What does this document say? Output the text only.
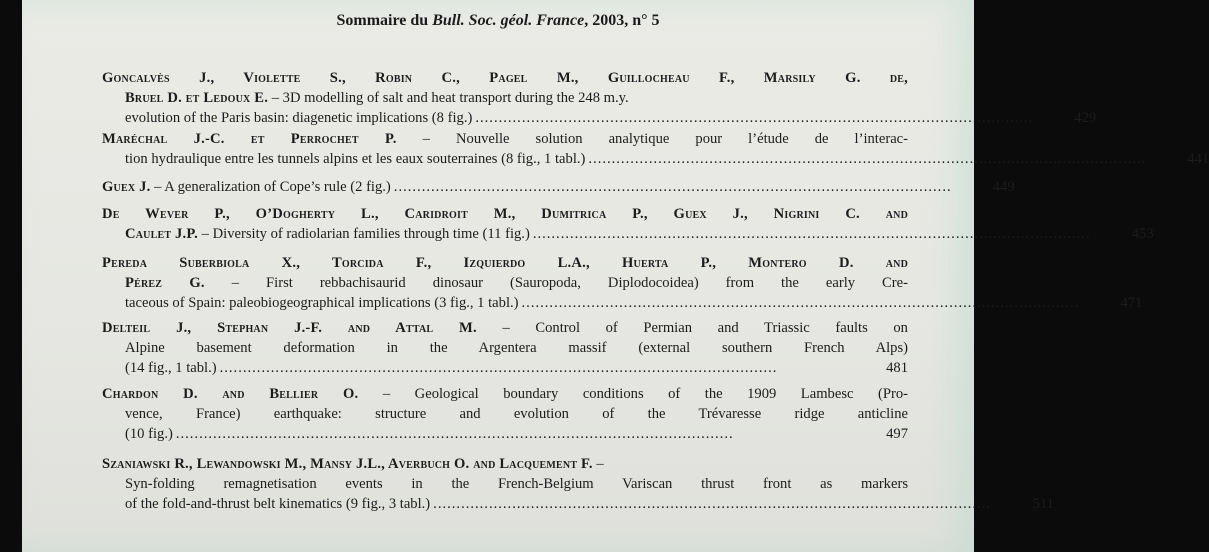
Sommaire du Bull. Soc. géol. France, 2003, n° 5
Goncalvès J., Violette S., Robin C., Pagel M., Guillocheau F., Marsily G. de,
Bruel D. et Ledoux E. – 3D modelling of salt and heat transport during the 248 m.y.
evolution of the Paris basin: diagenetic implications (8 fig.) ........................................................................................................................	429
Maréchal J.-C. et Perrochet P. – Nouvelle solution analytique pour l’étude de l’interac-
tion hydraulique entre les tunnels alpins et les eaux souterraines (8 fig., 1 tabl.) ........................................................................................................................	441
Guex J. – A generalization of Cope’s rule (2 fig.) ........................................................................................................................	449
De Wever P., O’Dogherty L., Caridroit M., Dumitrica P., Guex J., Nigrini C. and
Caulet J.P. – Diversity of radiolarian families through time (11 fig.) ........................................................................................................................	453
Pereda Suberbiola X., Torcida F., Izquierdo L.A., Huerta P., Montero D. and
Pérez G. – First rebbachisaurid dinosaur (Sauropoda, Diplodocoidea) from the early Cre-
taceous of Spain: paleobiogeographical implications (3 fig., 1 tabl.) ........................................................................................................................	471
Delteil J., Stephan J.-F. and Attal M. – Control of Permian and Triassic faults on
Alpine basement deformation in the Argentera massif (external southern French Alps)
(14 fig., 1 tabl.) ........................................................................................................................	481
Chardon D. and Bellier O. – Geological boundary conditions of the 1909 Lambesc (Pro-
vence, France) earthquake: structure and evolution of the Trévaresse ridge anticline
(10 fig.) ........................................................................................................................	497
Szaniawski R., Lewandowski M., Mansy J.L., Averbuch O. and Lacquement F. –
Syn-folding remagnetisation events in the French-Belgium Variscan thrust front as markers
of the fold-and-thrust belt kinematics (9 fig., 3 tabl.) ........................................................................................................................	511
